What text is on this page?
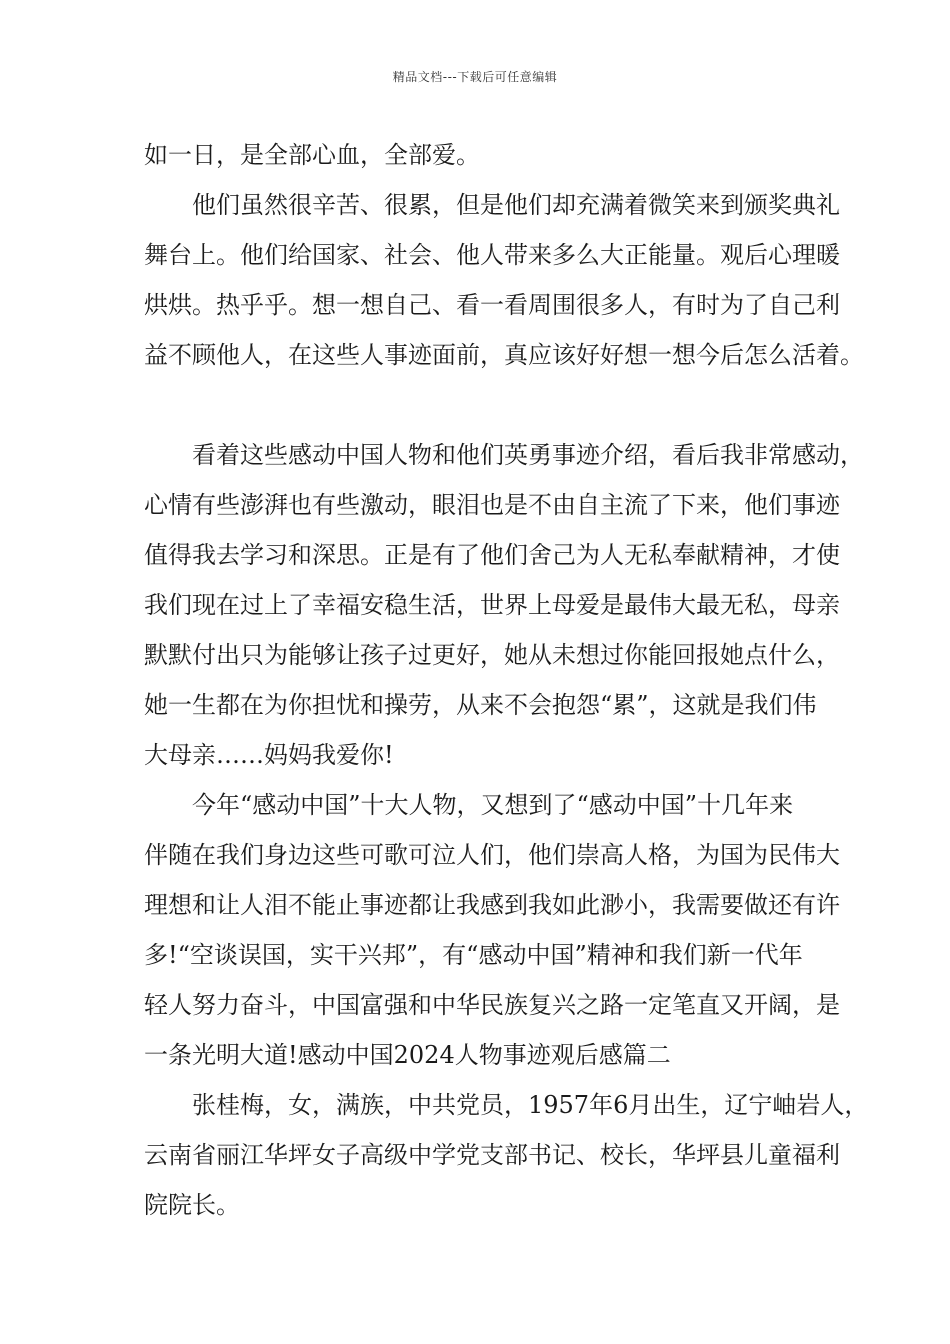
精品文档---下载后可任意编辑
如一日，是全部心血，全部爱。
他们虽然很辛苦、很累，但是他们却充满着微笑来到颁奖典礼
舞台上。他们给国家、社会、他人带来多么大正能量。观后心理暖
烘烘。热乎乎。想一想自己、看一看周围很多人，有时为了自己利
益不顾他人，在这些人事迹面前，真应该好好想一想今后怎么活着。
看着这些感动中国人物和他们英勇事迹介绍，看后我非常感动，
心情有些澎湃也有些激动，眼泪也是不由自主流了下来，他们事迹
值得我去学习和深思。正是有了他们舍己为人无私奉献精神，才使
我们现在过上了幸福安稳生活，世界上母爱是最伟大最无私，母亲
默默付出只为能够让孩子过更好，她从未想过你能回报她点什么，
她一生都在为你担忧和操劳，从来不会抱怨“累”，这就是我们伟
大母亲……妈妈我爱你!
今年“感动中国”十大人物，又想到了“感动中国”十几年来
伴随在我们身边这些可歌可泣人们，他们崇高人格，为国为民伟大
理想和让人泪不能止事迹都让我感到我如此渺小，我需要做还有许
多!“空谈误国，实干兴邦”，有“感动中国”精神和我们新一代年
轻人努力奋斗，中国富强和中华民族复兴之路一定笔直又开阔，是
一条光明大道!感动中国2024人物事迹观后感篇二
张桂梅，女，满族，中共党员，1957年6月出生，辽宁岫岩人，
云南省丽江华坪女子高级中学党支部书记、校长，华坪县儿童福利
院院长。
